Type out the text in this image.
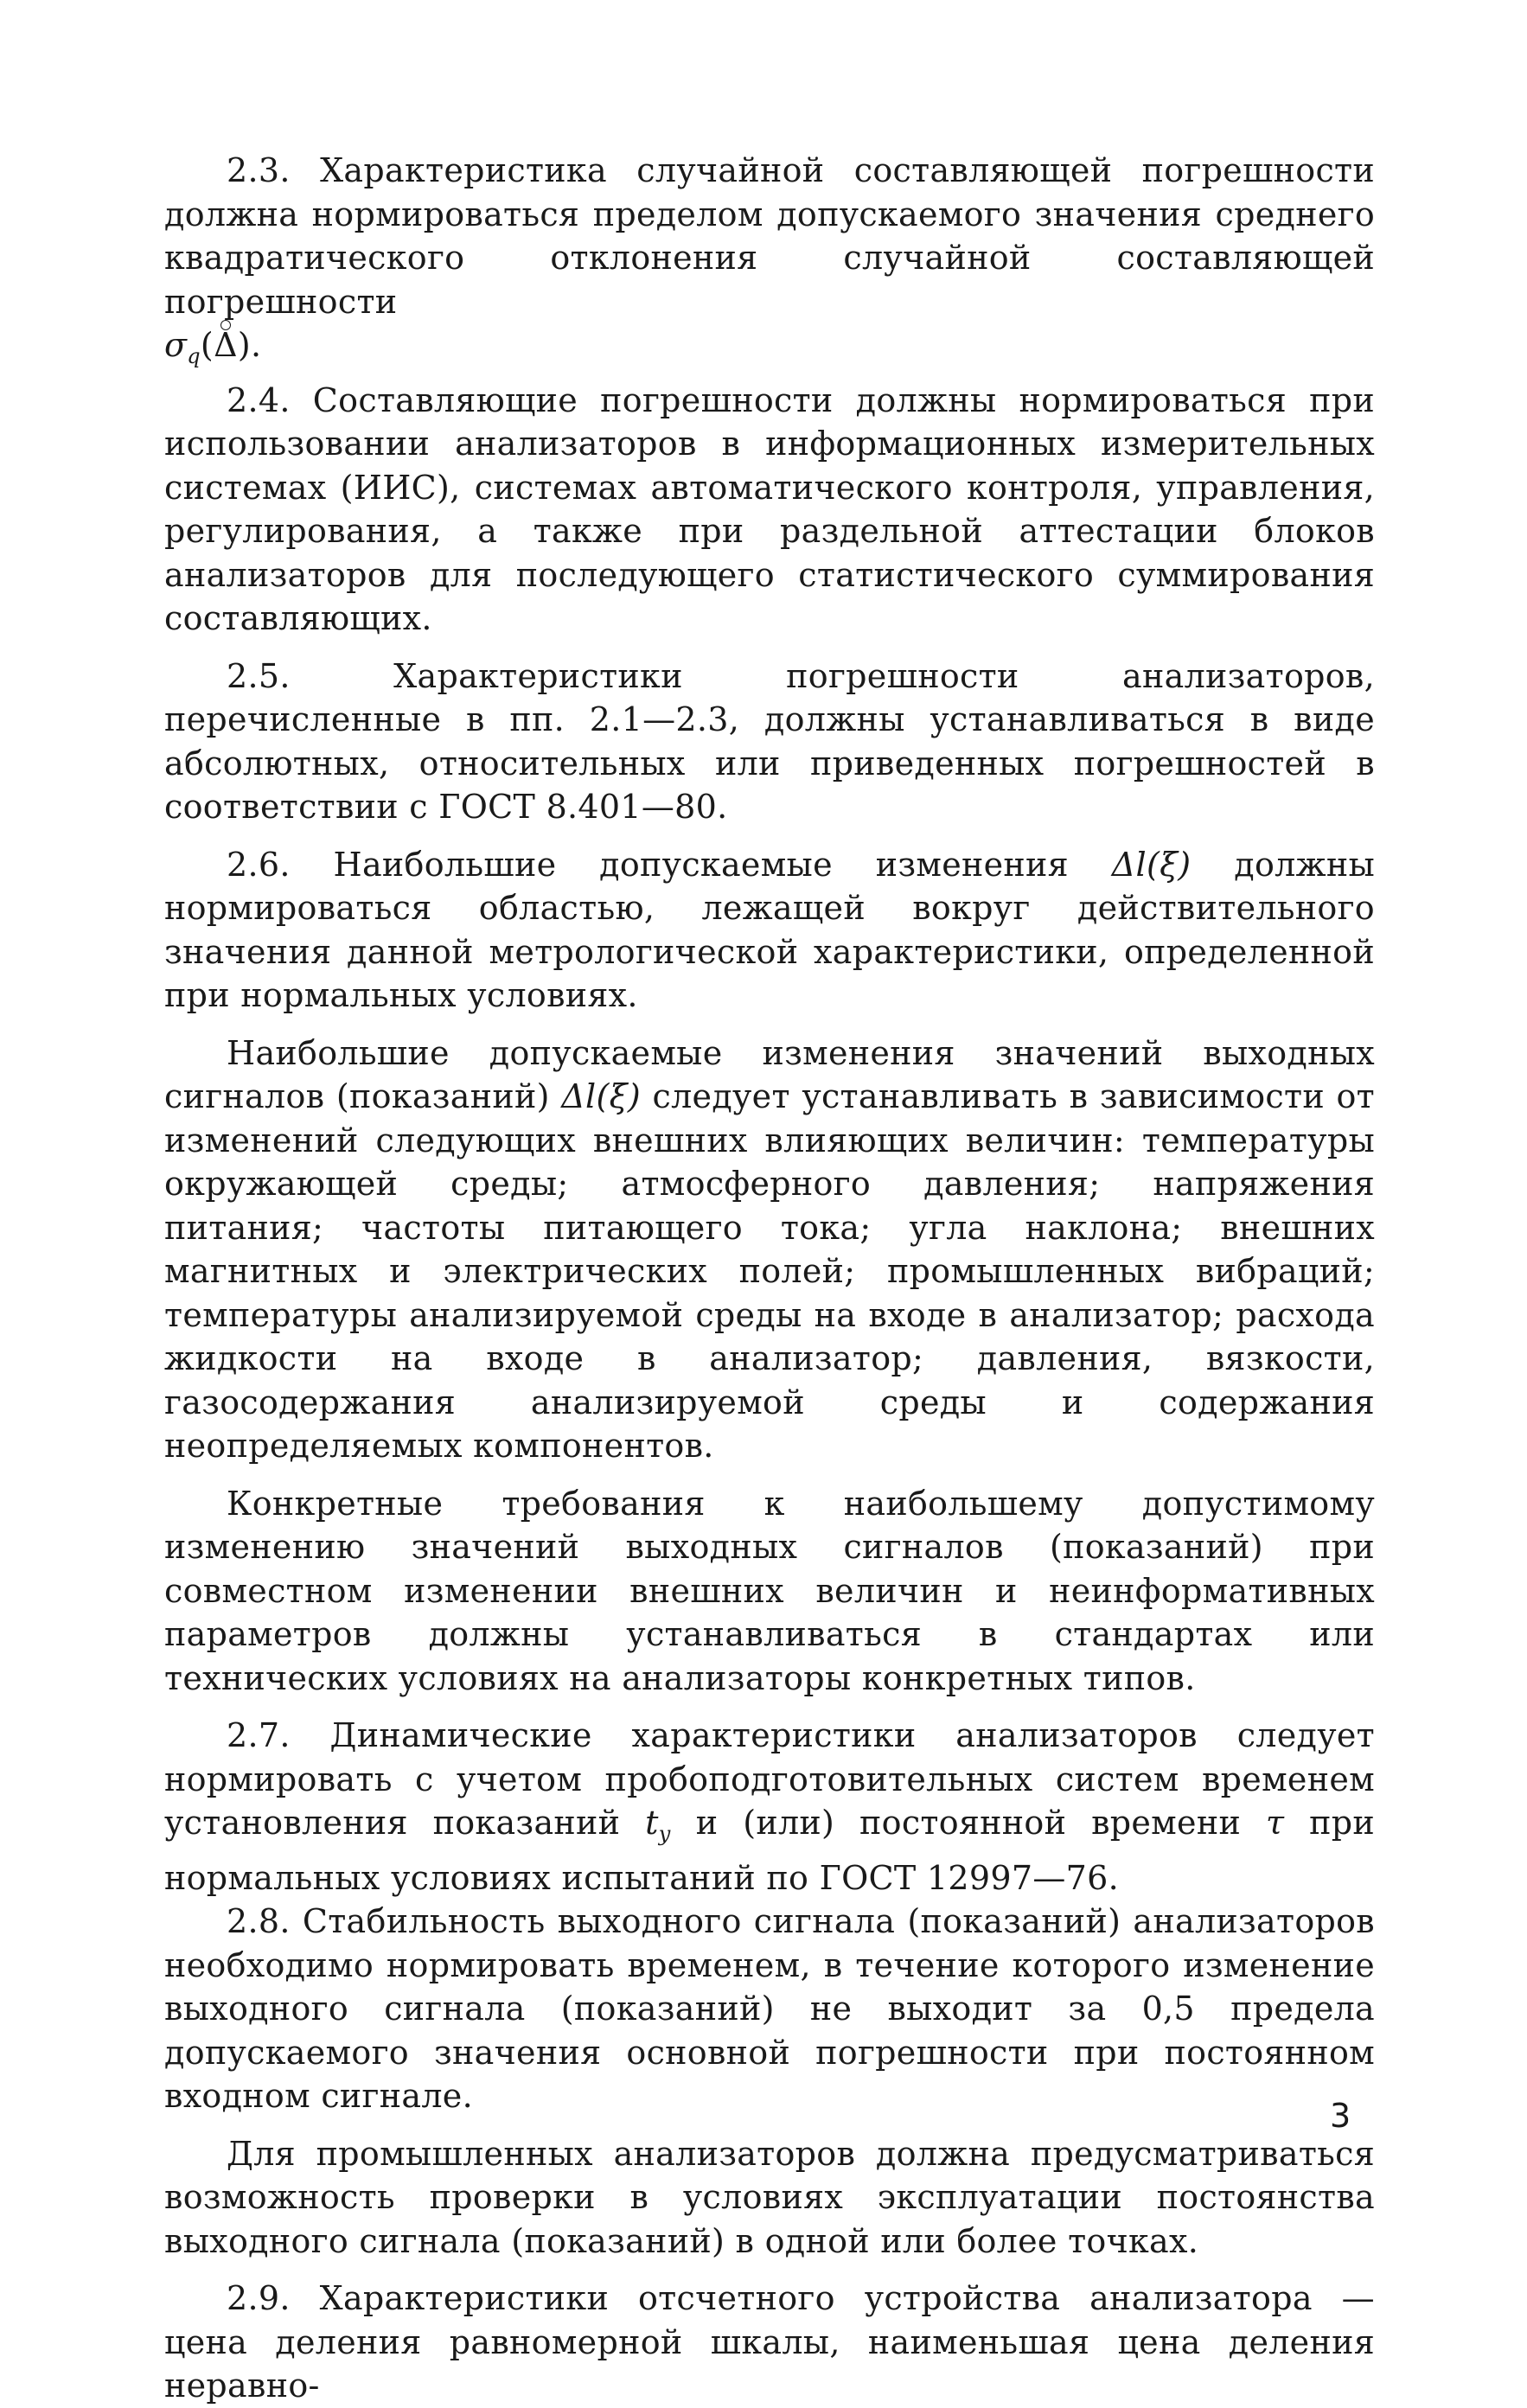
2.3. Характеристика случайной составляющей погрешности должна нормироваться пределом допускаемого значения среднего квадратического отклонения случайной составляющей погрешности
$\sigma_q(\Delta)$.

2.4. Составляющие погрешности должны нормироваться при использовании анализаторов в информационных измерительных системах (ИИС), системах автоматического контроля, управления, регулирования, а также при раздельной аттестации блоков анализаторов для последующего статистического суммирования составляющих.

2.5. Характеристики погрешности анализаторов, перечисленные в пп. 2.1—2.3, должны устанавливаться в виде абсолютных, относительных или приведенных погрешностей в соответствии с ГОСТ 8.401—80.

2.6. Наибольшие допускаемые изменения Δl(ξ) должны нормироваться областью, лежащей вокруг действительного значения данной метрологической характеристики, определенной при нормальных условиях.

Наибольшие допускаемые изменения значений выходных сигналов (показаний) Δl(ξ) следует устанавливать в зависимости от изменений следующих внешних влияющих величин: температуры окружающей среды; атмосферного давления; напряжения питания; частоты питающего тока; угла наклона; внешних магнитных и электрических полей; промышленных вибраций; температуры анализируемой среды на входе в анализатор; расхода жидкости на входе в анализатор; давления, вязкости, газосодержания анализируемой среды и содержания неопределяемых компонентов.

Конкретные требования к наибольшему допустимому изменению значений выходных сигналов (показаний) при совместном изменении внешних величин и неинформативных параметров должны устанавливаться в стандартах или технических условиях на анализаторы конкретных типов.

2.7. Динамические характеристики анализаторов следует нормировать с учетом пробоподготовительных систем временем установления показаний $t_у$ и (или) постоянной времени τ при нормальных условиях испытаний по ГОСТ 12997—76.

2.8. Стабильность выходного сигнала (показаний) анализаторов необходимо нормировать временем, в течение которого изменение выходного сигнала (показаний) не выходит за 0,5 предела допускаемого значения основной погрешности при постоянном входном сигнале.

Для промышленных анализаторов должна предусматриваться возможность проверки в условиях эксплуатации постоянства выходного сигнала (показаний) в одной или более точках.

2.9. Характеристики отсчетного устройства анализатора — цена деления равномерной шкалы, наименьшая цена деления неравно-

3
